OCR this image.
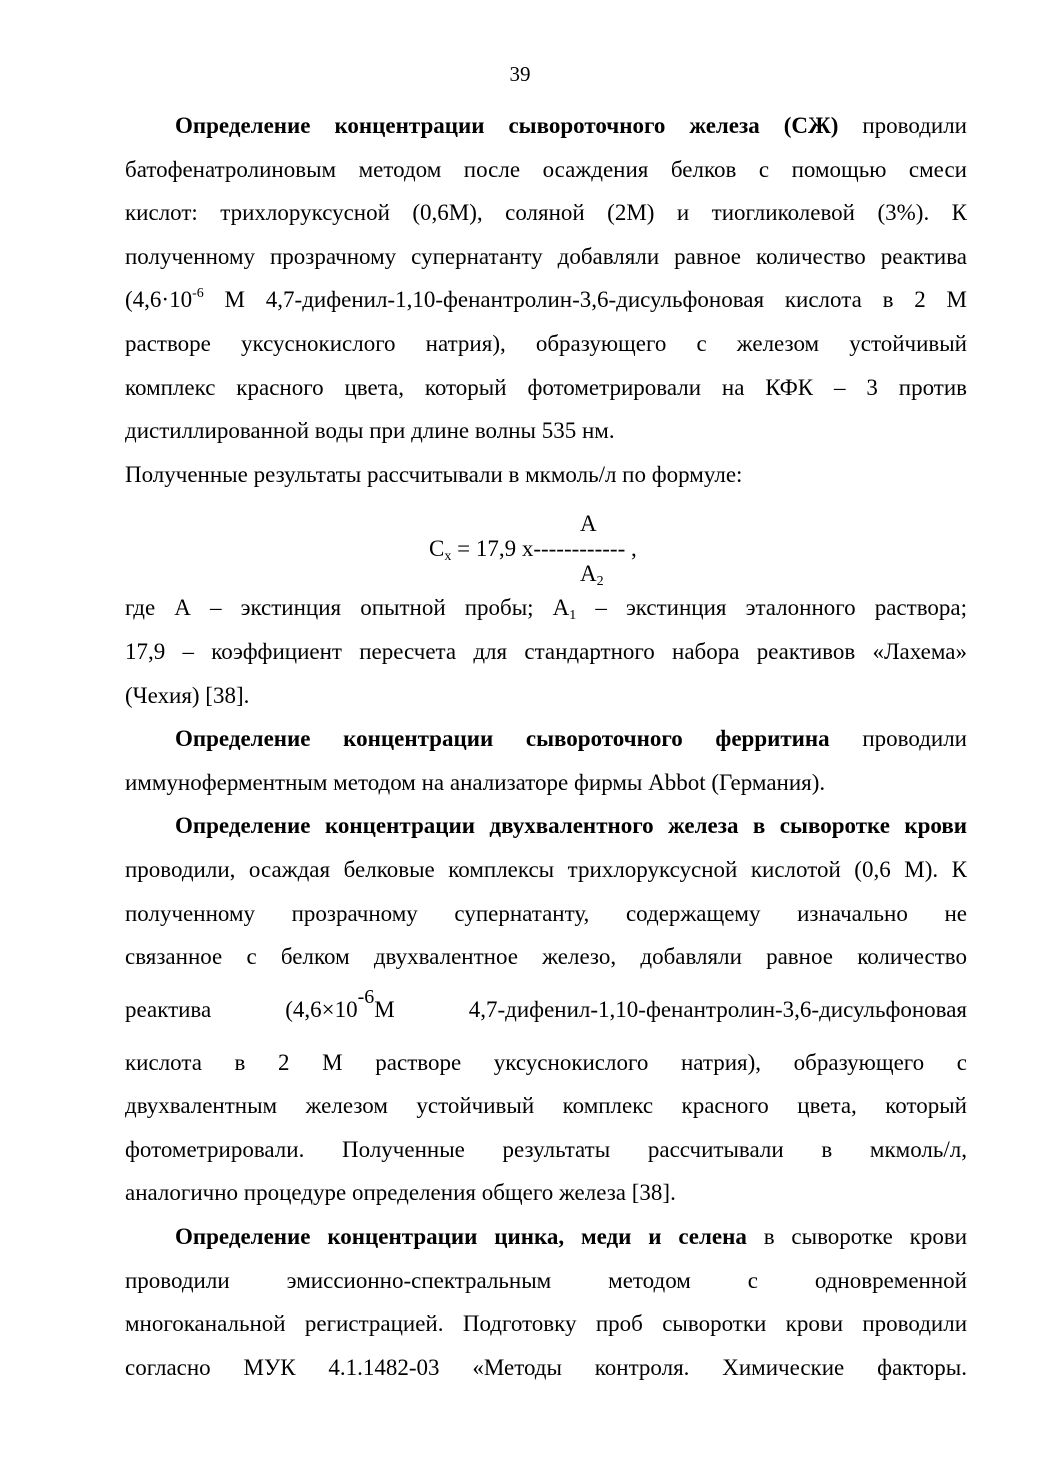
39

Определение концентрации сывороточного железа (СЖ) проводили

батофенатролиновым методом после осаждения белков с помощью смеси

кислот: трихлоруксусной (0,6М), соляной (2М) и тиогликолевой (3%). К

полученному прозрачному супернатанту добавляли равное количество реактива

($4,6\cdot 10^{-6}$ М 4,7-дифенил-1,10-фенантролин-3,6-дисульфоновая кислота в 2 М

растворе уксуснокислого натрия), образующего с железом устойчивый

комплекс красного цвета, который фотометрировали на КФК – 3 против

дистиллированной воды при длине волны 535 нм.

Полученные результаты рассчитывали в мкмоль/л по формуле:

A
$C_x = 17,9$ x------------ ,
$A_2$

где А – экстинция опытной пробы; $А_1$ – экстинция эталонного раствора;

17,9 – коэффициент пересчета для стандартного набора реактивов «Лахема»

(Чехия) [38].

Определение концентрации сывороточного ферритина проводили

иммуноферментным методом на анализаторе фирмы Abbot (Германия).

Определение концентрации двухвалентного железа в сыворотке крови

проводили, осаждая белковые комплексы трихлоруксусной кислотой (0,6 М). К

полученному прозрачному супернатанту, содержащему изначально не

связанное с белком двухвалентное железо, добавляли равное количество

реактива (4,6×10-6М 4,7-дифенил-1,10-фенантролин-3,6-дисульфоновая

кислота в 2 М растворе уксуснокислого натрия), образующего с

двухвалентным железом устойчивый комплекс красного цвета, который

фотометрировали. Полученные результаты рассчитывали в мкмоль/л,

аналогично процедуре определения общего железа [38].

Определение концентрации цинка, меди и селена в сыворотке крови

проводили эмиссионно-спектральным методом с одновременной

многоканальной регистрацией. Подготовку проб сыворотки крови проводили

согласно МУК 4.1.1482-03 «Методы контроля. Химические факторы.
